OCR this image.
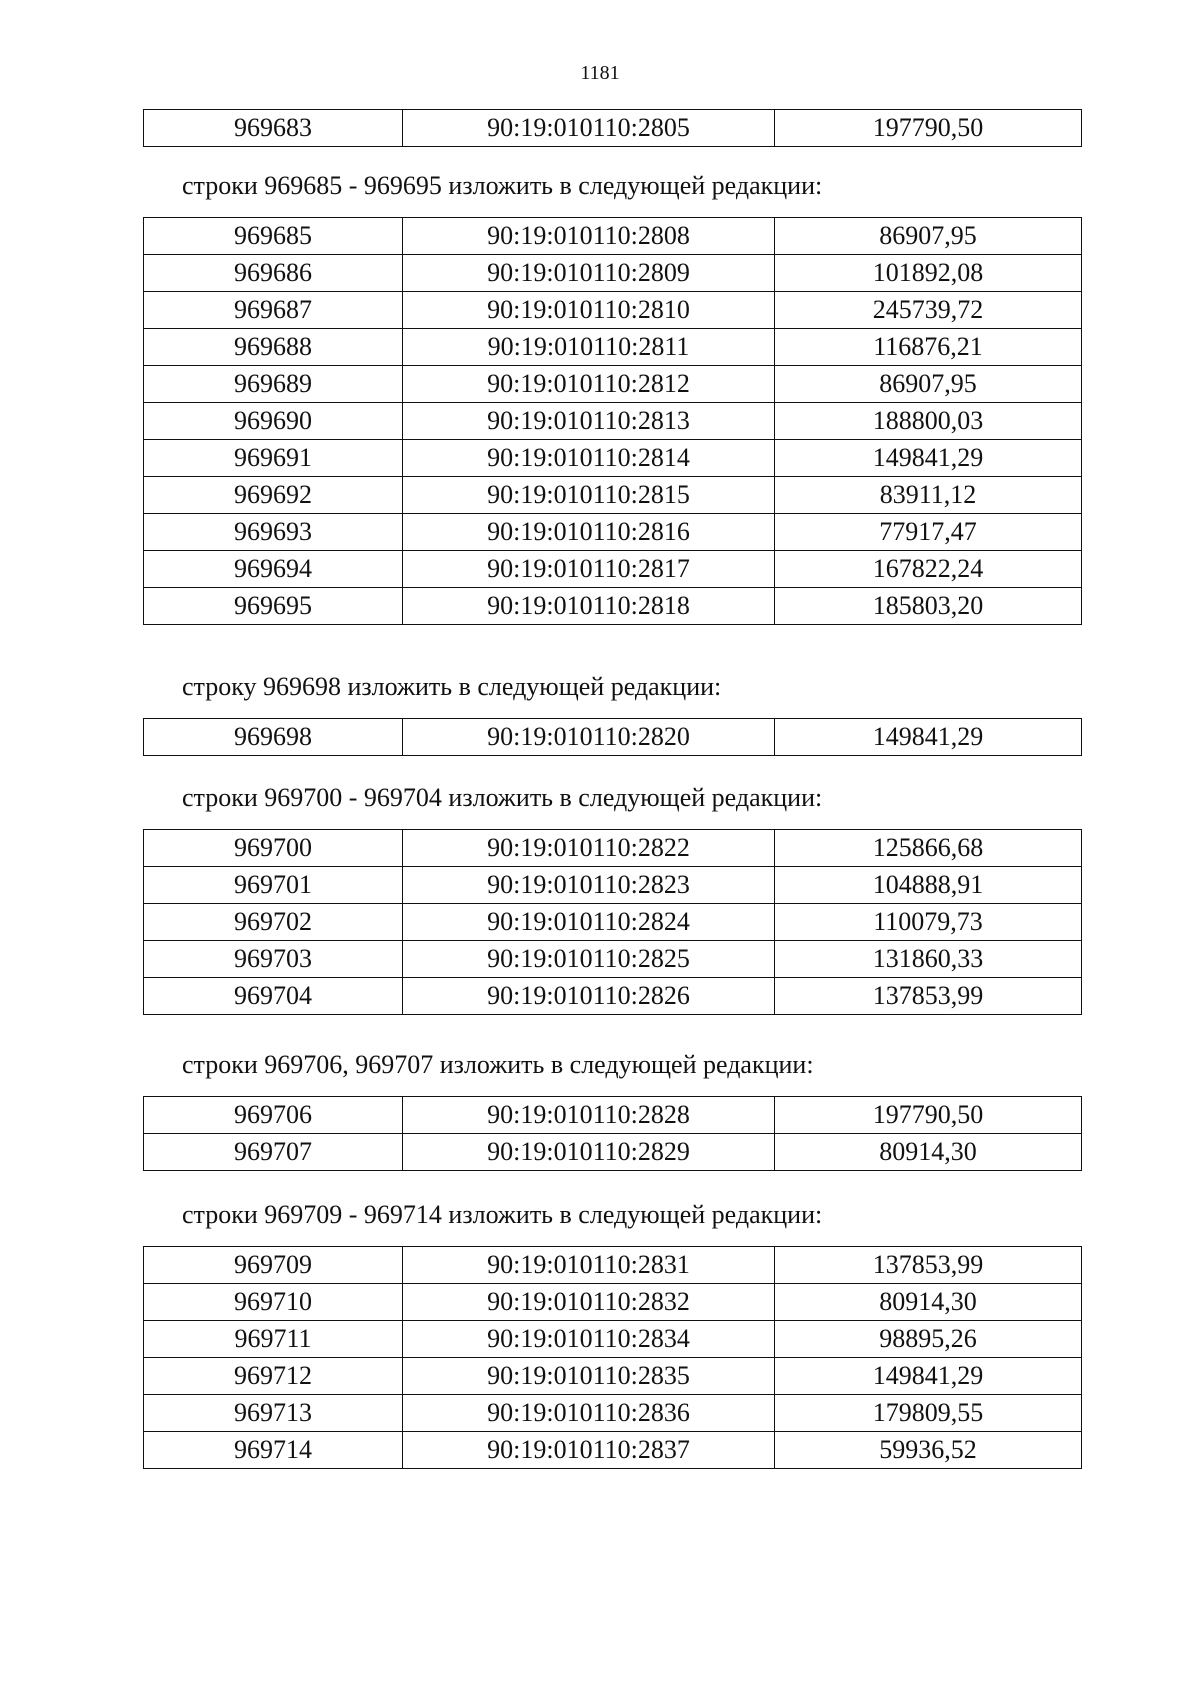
1181
969683	90:19:010110:2805	197790,50

строки 969685 - 969695 изложить в следующей редакции:

969685	90:19:010110:2808	86907,95
969686	90:19:010110:2809	101892,08
969687	90:19:010110:2810	245739,72
969688	90:19:010110:2811	116876,21
969689	90:19:010110:2812	86907,95
969690	90:19:010110:2813	188800,03
969691	90:19:010110:2814	149841,29
969692	90:19:010110:2815	83911,12
969693	90:19:010110:2816	77917,47
969694	90:19:010110:2817	167822,24
969695	90:19:010110:2818	185803,20

строку 969698 изложить в следующей редакции:

969698	90:19:010110:2820	149841,29

строки 969700 - 969704 изложить в следующей редакции:

969700	90:19:010110:2822	125866,68
969701	90:19:010110:2823	104888,91
969702	90:19:010110:2824	110079,73
969703	90:19:010110:2825	131860,33
969704	90:19:010110:2826	137853,99

строки 969706, 969707 изложить в следующей редакции:

969706	90:19:010110:2828	197790,50
969707	90:19:010110:2829	80914,30

строки 969709 - 969714 изложить в следующей редакции:

969709	90:19:010110:2831	137853,99
969710	90:19:010110:2832	80914,30
969711	90:19:010110:2834	98895,26
969712	90:19:010110:2835	149841,29
969713	90:19:010110:2836	179809,55
969714	90:19:010110:2837	59936,52
